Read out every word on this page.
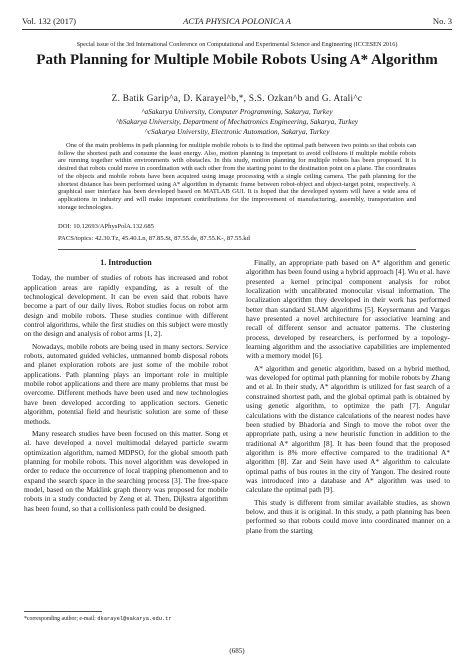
Vol. 132 (2017)	ACTA PHYSICA POLONICA A	No. 3
Special issue of the 3rd International Conference on Computational and Experimental Science and Engineering (ICCESEN 2016)
Path Planning for Multiple Mobile Robots Using A* Algorithm
Z. Batik Garip^a, D. Karayel^b,*, S.S. Ozkan^b and G. Atali^c
^aSakarya University, Computer Programming, Sakarya, Turkey
^bSakarya University, Department of Mechatronics Engineering, Sakarya, Turkey
^cSakarya University, Electronic Automation, Sakarya, Turkey
One of the main problems in path planning for multiple mobile robots is to find the optimal path between two points so that robots can follow the shortest path and consume the least energy. Also, motion planning is important to avoid collisions if multiple mobile robots are running together within environments with obstacles. In this study, motion planning for multiple robots has been proposed. It is desired that robots could move in coordination with each other from the starting point to the destination point on a plane. The coordinates of the objects and mobile robots have been acquired using image processing with a single ceiling camera. The path planning for the shortest distance has been performed using A* algorithm in dynamic frame between robot-object and object-target point, respectively. A graphical user interface has been developed based on MATLAB GUI. It is hoped that the developed system will have a wide area of applications in industry and will make important contributions for the improvement of manufacturing, assembly, transportation and storage technologies.
DOI: 10.12693/APhysPolA.132.685
PACS/topics: 42.30.Tz, 45.40.Ln, 87.85.St, 87.55.de, 87.55.K-, 87.55.kd
1. Introduction

Today, the number of studies of robots has increased and robot application areas are rapidly expanding, as a result of the technological development. It can be even said that robots have become a part of our daily lives. Robot studies focus on robot arm design and mobile robots. These studies continue with different control algorithms, while the first studies on this subject were mostly on the design and analysis of robot arms [1, 2].

Nowadays, mobile robots are being used in many sectors. Service robots, automated guided vehicles, unmanned bomb disposal robots and planet exploration robots are just some of the mobile robot applications. Path planning plays an important role in multiple mobile robot applications and there are many problems that must be overcome. Different methods have been used and new technologies have been developed according to application sectors. Genetic algorithm, potential field and heuristic solution are some of these methods.

Many research studies have been focused on this matter. Song et al. have developed a novel multimodal delayed particle swarm optimization algorithm, named MDPSO, for the global smooth path planning for mobile robots. This novel algorithm was developed in order to reduce the occurrence of local trapping phenomenon and to expand the search space in the searching process [3]. The free-space model, based on the Maklink graph theory was proposed for mobile robots in a study conducted by Zeng et al. Then, Dijkstra algorithm has been found, so that a collisionless path could be designed.

Finally, an appropriate path based on A* algorithm and genetic algorithm has been found using a hybrid approach [4]. Wu et al. have presented a kernel principal component analysis for robot localization with uncalibrated monocular visual information. The localization algorithm they developed in their work has performed better than standard SLAM algorithms [5]. Keysermann and Vargas have presented a novel architecture for associative learning and recall of different sensor and actuator patterns. The clustering process, developed by researchers, is performed by a topology-learning algorithm and the associative capabilities are implemented with a memory model [6].

A* algorithm and genetic algorithm, based on a hybrid method, was developed for optimal path planning for mobile robots by Zhang and et al. In their study, A* algorithm is utilized for fast search of a constrained shortest path, and the global optimal path is obtained by using genetic algorithm, to optimize the path [7]. Angular calculations with the distance calculations of the nearest nodes have been studied by Bhadoria and Singh to move the robot over the appropriate path, using a new heuristic function in addition to the traditional A* algorithm [8]. It has been found that the proposed algorithm is 8% more effective compared to the traditional A* algorithm [8]. Zar and Sein have used A* algorithm to calculate optimal paths of bus routes in the city of Yangon. The desired route was introduced into a database and A* algorithm was used to calculate the optimal path [9].

This study is different from similar available studies, as shown below, and thus it is original. In this study, a path planning has been performed so that robots could move into coordinated manner on a plane from the starting

*corresponding author; e-mail: dkarayel@sakarya.edu.tr
(685)
